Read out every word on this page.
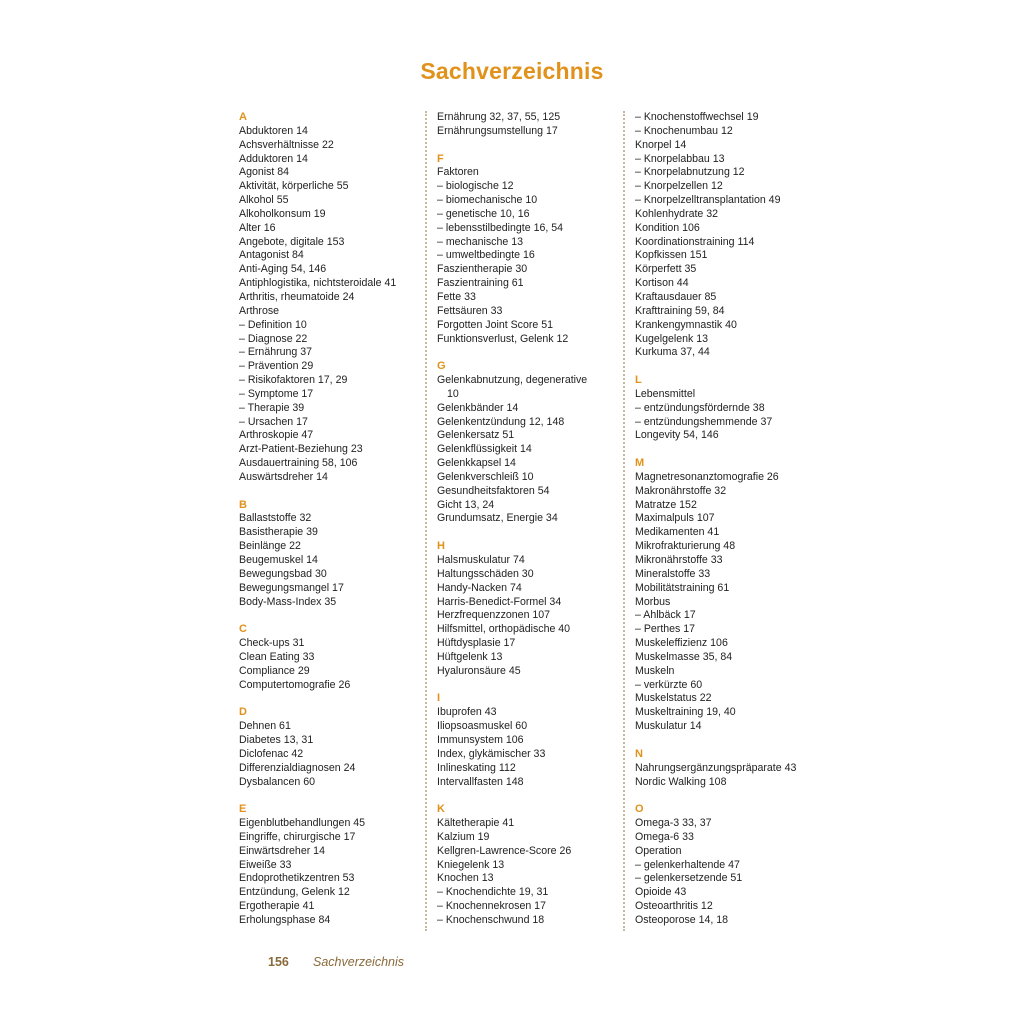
Sachverzeichnis
A
Abduktoren 14
Achsverhältnisse 22
Adduktoren 14
Agonist 84
Aktivität, körperliche 55
Alkohol 55
Alkoholkonsum 19
Alter 16
Angebote, digitale 153
Antagonist 84
Anti-Aging 54, 146
Antiphlogistika, nichtsteroidale 41
Arthritis, rheumatoide 24
Arthrose
– Definition 10
– Diagnose 22
– Ernährung 37
– Prävention 29
– Risikofaktoren 17, 29
– Symptome 17
– Therapie 39
– Ursachen 17
Arthroskopie 47
Arzt-Patient-Beziehung 23
Ausdauertraining 58, 106
Auswärtsdreher 14
B
Ballaststoffe 32
Basistherapie 39
Beinlänge 22
Beugemuskel 14
Bewegungsbad 30
Bewegungsmangel 17
Body-Mass-Index 35
C
Check-ups 31
Clean Eating 33
Compliance 29
Computertomografie 26
D
Dehnen 61
Diabetes 13, 31
Diclofenac 42
Differenzialdiagnosen 24
Dysbalancen 60
E
Eigenblutbehandlungen 45
Eingriffe, chirurgische 17
Einwärtsdreher 14
Eiweiße 33
Endoprothetikzentren 53
Entzündung, Gelenk 12
Ergotherapie 41
Erholungsphase 84
Ernährung 32, 37, 55, 125
Ernährungsumstellung 17
F
Faktoren
– biologische 12
– biomechanische 10
– genetische 10, 16
– lebensstilbedingte 16, 54
– mechanische 13
– umweltbedingte 16
Faszientherapie 30
Faszientraining 61
Fette 33
Fettsäuren 33
Forgotten Joint Score 51
Funktionsverlust, Gelenk 12
G
Gelenkabnutzung, degenerative
10
Gelenkbänder 14
Gelenkentzündung 12, 148
Gelenkersatz 51
Gelenkflüssigkeit 14
Gelenkkapsel 14
Gelenkverschleiß 10
Gesundheitsfaktoren 54
Gicht 13, 24
Grundumsatz, Energie 34
H
Halsmuskulatur 74
Haltungsschäden 30
Handy-Nacken 74
Harris-Benedict-Formel 34
Herzfrequenzzonen 107
Hilfsmittel, orthopädische 40
Hüftdysplasie 17
Hüftgelenk 13
Hyaluronsäure 45
I
Ibuprofen 43
Iliopsoasmuskel 60
Immunsystem 106
Index, glykämischer 33
Inlineskating 112
Intervallfasten 148
K
Kältetherapie 41
Kalzium 19
Kellgren-Lawrence-Score 26
Kniegelenk 13
Knochen 13
– Knochendichte 19, 31
– Knochennekrosen 17
– Knochenschwund 18
– Knochenstoffwechsel 19
– Knochenumbau 12
Knorpel 14
– Knorpelabbau 13
– Knorpelabnutzung 12
– Knorpelzellen 12
– Knorpelzelltransplantation 49
Kohlenhydrate 32
Kondition 106
Koordinationstraining 114
Kopfkissen 151
Körperfett 35
Kortison 44
Kraftausdauer 85
Krafttraining 59, 84
Krankengymnastik 40
Kugelgelenk 13
Kurkuma 37, 44
L
Lebensmittel
– entzündungsfördernde 38
– entzündungshemmende 37
Longevity 54, 146
M
Magnetresonanztomografie 26
Makronährstoffe 32
Matratze 152
Maximalpuls 107
Medikamenten 41
Mikrofrakturierung 48
Mikronährstoffe 33
Mineralstoffe 33
Mobilitätstraining 61
Morbus
– Ahlbäck 17
– Perthes 17
Muskeleffizienz 106
Muskelmasse 35, 84
Muskeln
– verkürzte 60
Muskelstatus 22
Muskeltraining 19, 40
Muskulatur 14
N
Nahrungsergänzungspräparate 43
Nordic Walking 108
O
Omega-3 33, 37
Omega-6 33
Operation
– gelenkerhaltende 47
– gelenkersetzende 51
Opioide 43
Osteoarthritis 12
Osteoporose 14, 18
156 Sachverzeichnis
